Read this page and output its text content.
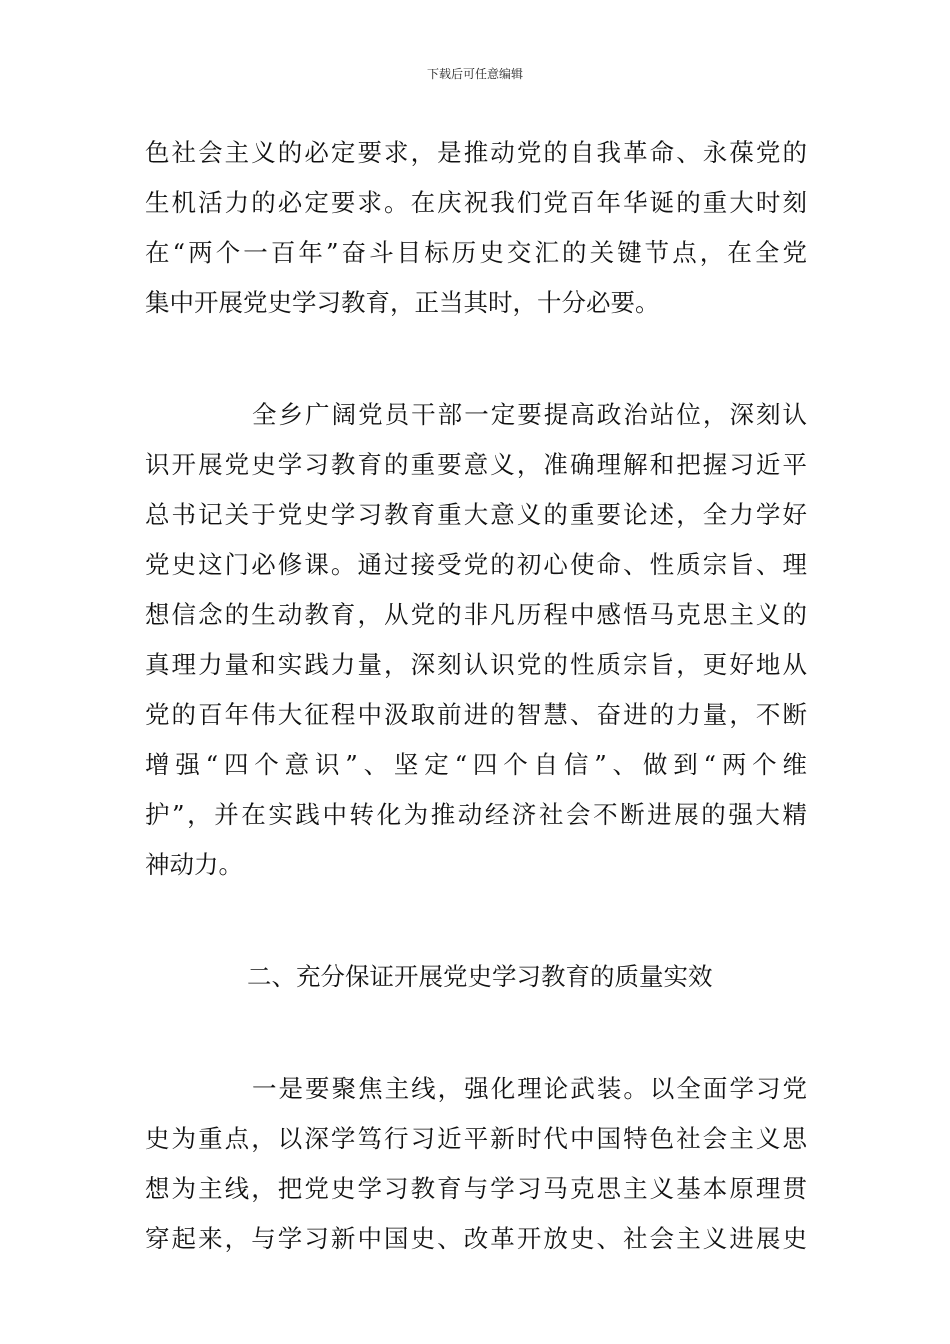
下载后可任意编辑
色社会主义的必定要求，是推动党的自我革命、永葆党的
生机活力的必定要求。在庆祝我们党百年华诞的重大时刻
在“两个一百年”奋斗目标历史交汇的关键节点，在全党
集中开展党史学习教育，正当其时，十分必要。
全乡广阔党员干部一定要提高政治站位，深刻认
识开展党史学习教育的重要意义，准确理解和把握习近平
总书记关于党史学习教育重大意义的重要论述，全力学好
党史这门必修课。通过接受党的初心使命、性质宗旨、理
想信念的生动教育，从党的非凡历程中感悟马克思主义的
真理力量和实践力量，深刻认识党的性质宗旨，更好地从
党的百年伟大征程中汲取前进的智慧、奋进的力量，不断
增强“四个意识”、坚定“四个自信”、做到“两个维
护”，并在实践中转化为推动经济社会不断进展的强大精
神动力。
二、充分保证开展党史学习教育的质量实效
一是要聚焦主线，强化理论武装。以全面学习党
史为重点，以深学笃行习近平新时代中国特色社会主义思
想为主线，把党史学习教育与学习马克思主义基本原理贯
穿起来，与学习新中国史、改革开放史、社会主义进展史
